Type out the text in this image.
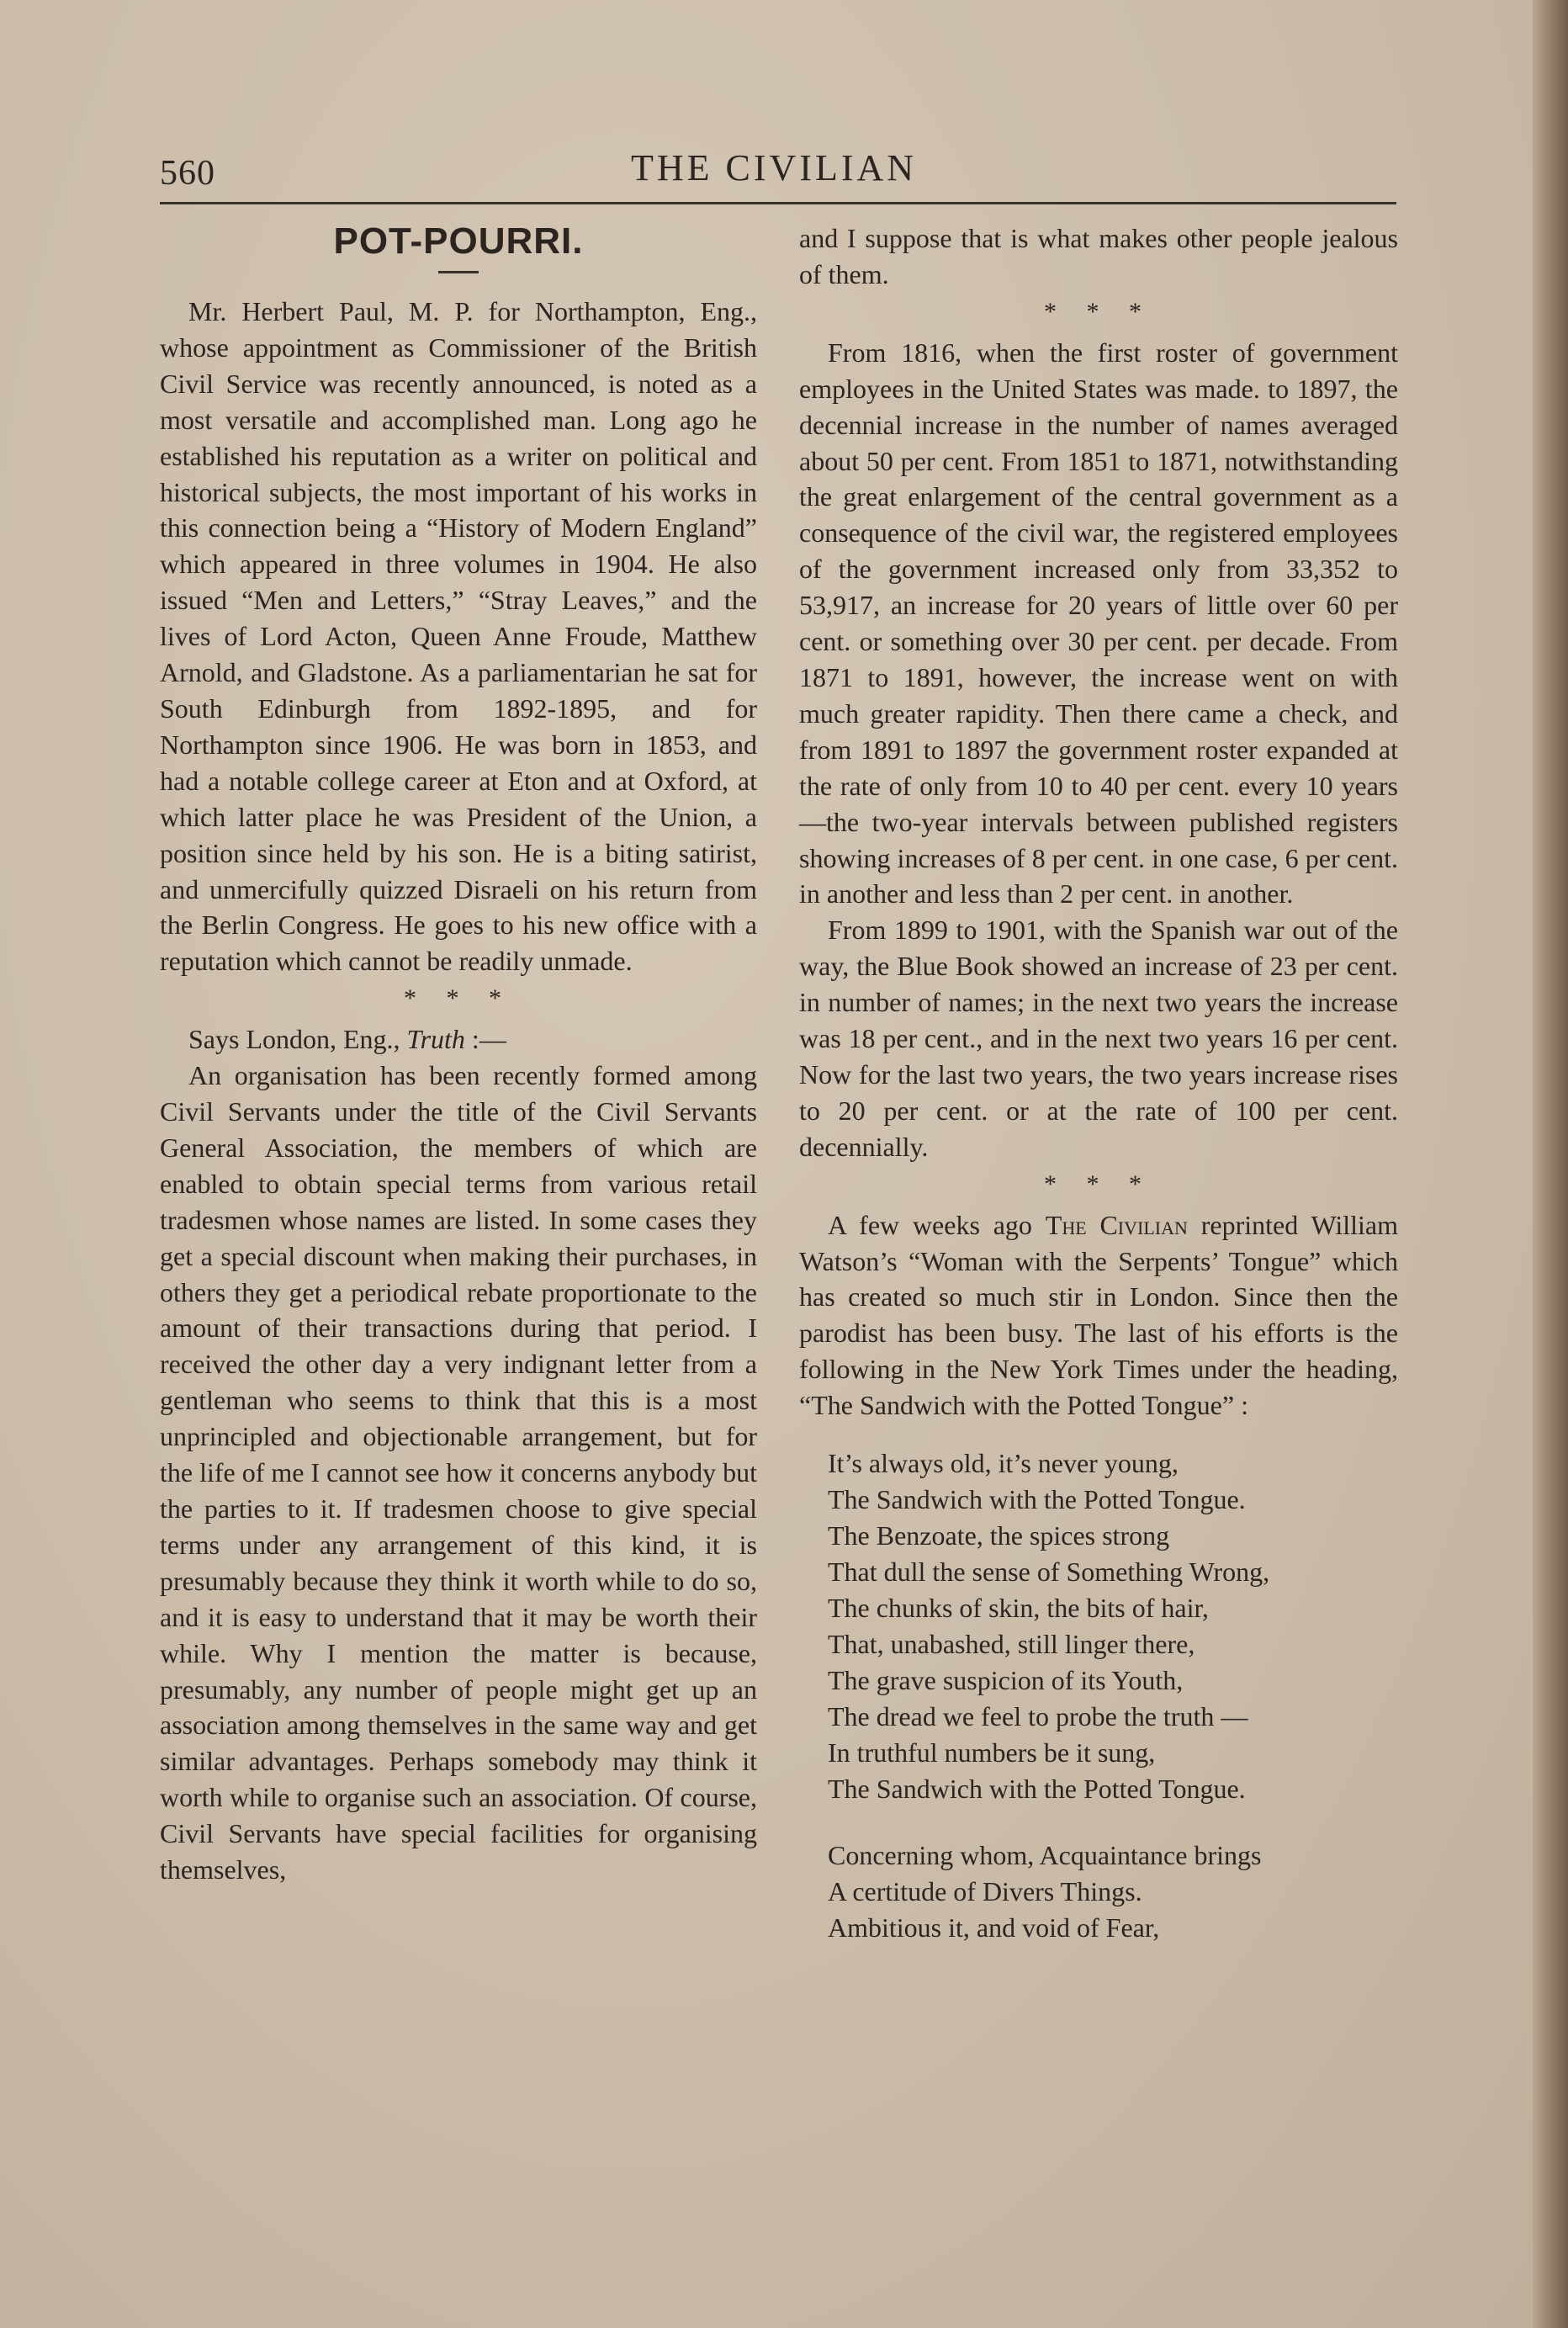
560	THE CIVILIAN
POT-POURRI.

Mr. Herbert Paul, M. P. for Northampton, Eng., whose appointment as Commissioner of the British Civil Service was recently announced, is noted as a most versatile and accomplished man. Long ago he established his reputation as a writer on political and historical subjects, the most important of his works in this connection being a “History of Modern England” which appeared in three volumes in 1904. He also issued “Men and Letters,” “Stray Leaves,” and the lives of Lord Acton, Queen Anne Froude, Matthew Arnold, and Gladstone. As a parliamentarian he sat for South Edinburgh from 1892-1895, and for Northampton since 1906. He was born in 1853, and had a notable college career at Eton and at Oxford, at which latter place he was President of the Union, a position since held by his son. He is a biting satirist, and unmercifully quizzed Disraeli on his return from the Berlin Congress. He goes to his new office with a reputation which cannot be readily unmade.

* * *

Says London, Eng., Truth :—

An organisation has been recently formed among Civil Servants under the title of the Civil Servants General Association, the members of which are enabled to obtain special terms from various retail tradesmen whose names are listed. In some cases they get a special discount when making their purchases, in others they get a periodical rebate proportionate to the amount of their transactions during that period. I received the other day a very indignant letter from a gentleman who seems to think that this is a most unprincipled and objectionable arrangement, but for the life of me I cannot see how it concerns anybody but the parties to it. If tradesmen choose to give special terms under any arrangement of this kind, it is presumably because they think it worth while to do so, and it is easy to understand that it may be worth their while. Why I mention the matter is because, presumably, any number of people might get up an association among themselves in the same way and get similar advantages. Perhaps somebody may think it worth while to organise such an association. Of course, Civil Servants have special facilities for organising themselves,

and I suppose that is what makes other people jealous of them.

* * *

From 1816, when the first roster of government employees in the United States was made. to 1897, the decennial increase in the number of names averaged about 50 per cent. From 1851 to 1871, notwithstanding the great enlargement of the central government as a consequence of the civil war, the registered employees of the government increased only from 33,352 to 53,917, an increase for 20 years of little over 60 per cent. or something over 30 per cent. per decade. From 1871 to 1891, however, the increase went on with much greater rapidity. Then there came a check, and from 1891 to 1897 the government roster expanded at the rate of only from 10 to 40 per cent. every 10 years—the two-year intervals between published registers showing increases of 8 per cent. in one case, 6 per cent. in another and less than 2 per cent. in another.

From 1899 to 1901, with the Spanish war out of the way, the Blue Book showed an increase of 23 per cent. in number of names; in the next two years the increase was 18 per cent., and in the next two years 16 per cent. Now for the last two years, the two years increase rises to 20 per cent. or at the rate of 100 per cent. decennially.

* * *

A few weeks ago The Civilian reprinted William Watson’s “Woman with the Serpents’ Tongue” which has created so much stir in London. Since then the parodist has been busy. The last of his efforts is the following in the New York Times under the heading, “The Sandwich with the Potted Tongue” :

It’s always old, it’s never young,
The Sandwich with the Potted Tongue.
The Benzoate, the spices strong
That dull the sense of Something Wrong,
The chunks of skin, the bits of hair,
That, unabashed, still linger there,
The grave suspicion of its Youth,
The dread we feel to probe the truth —
In truthful numbers be it sung,
The Sandwich with the Potted Tongue.
Concerning whom, Acquaintance brings
A certitude of Divers Things.
Ambitious it, and void of Fear,
